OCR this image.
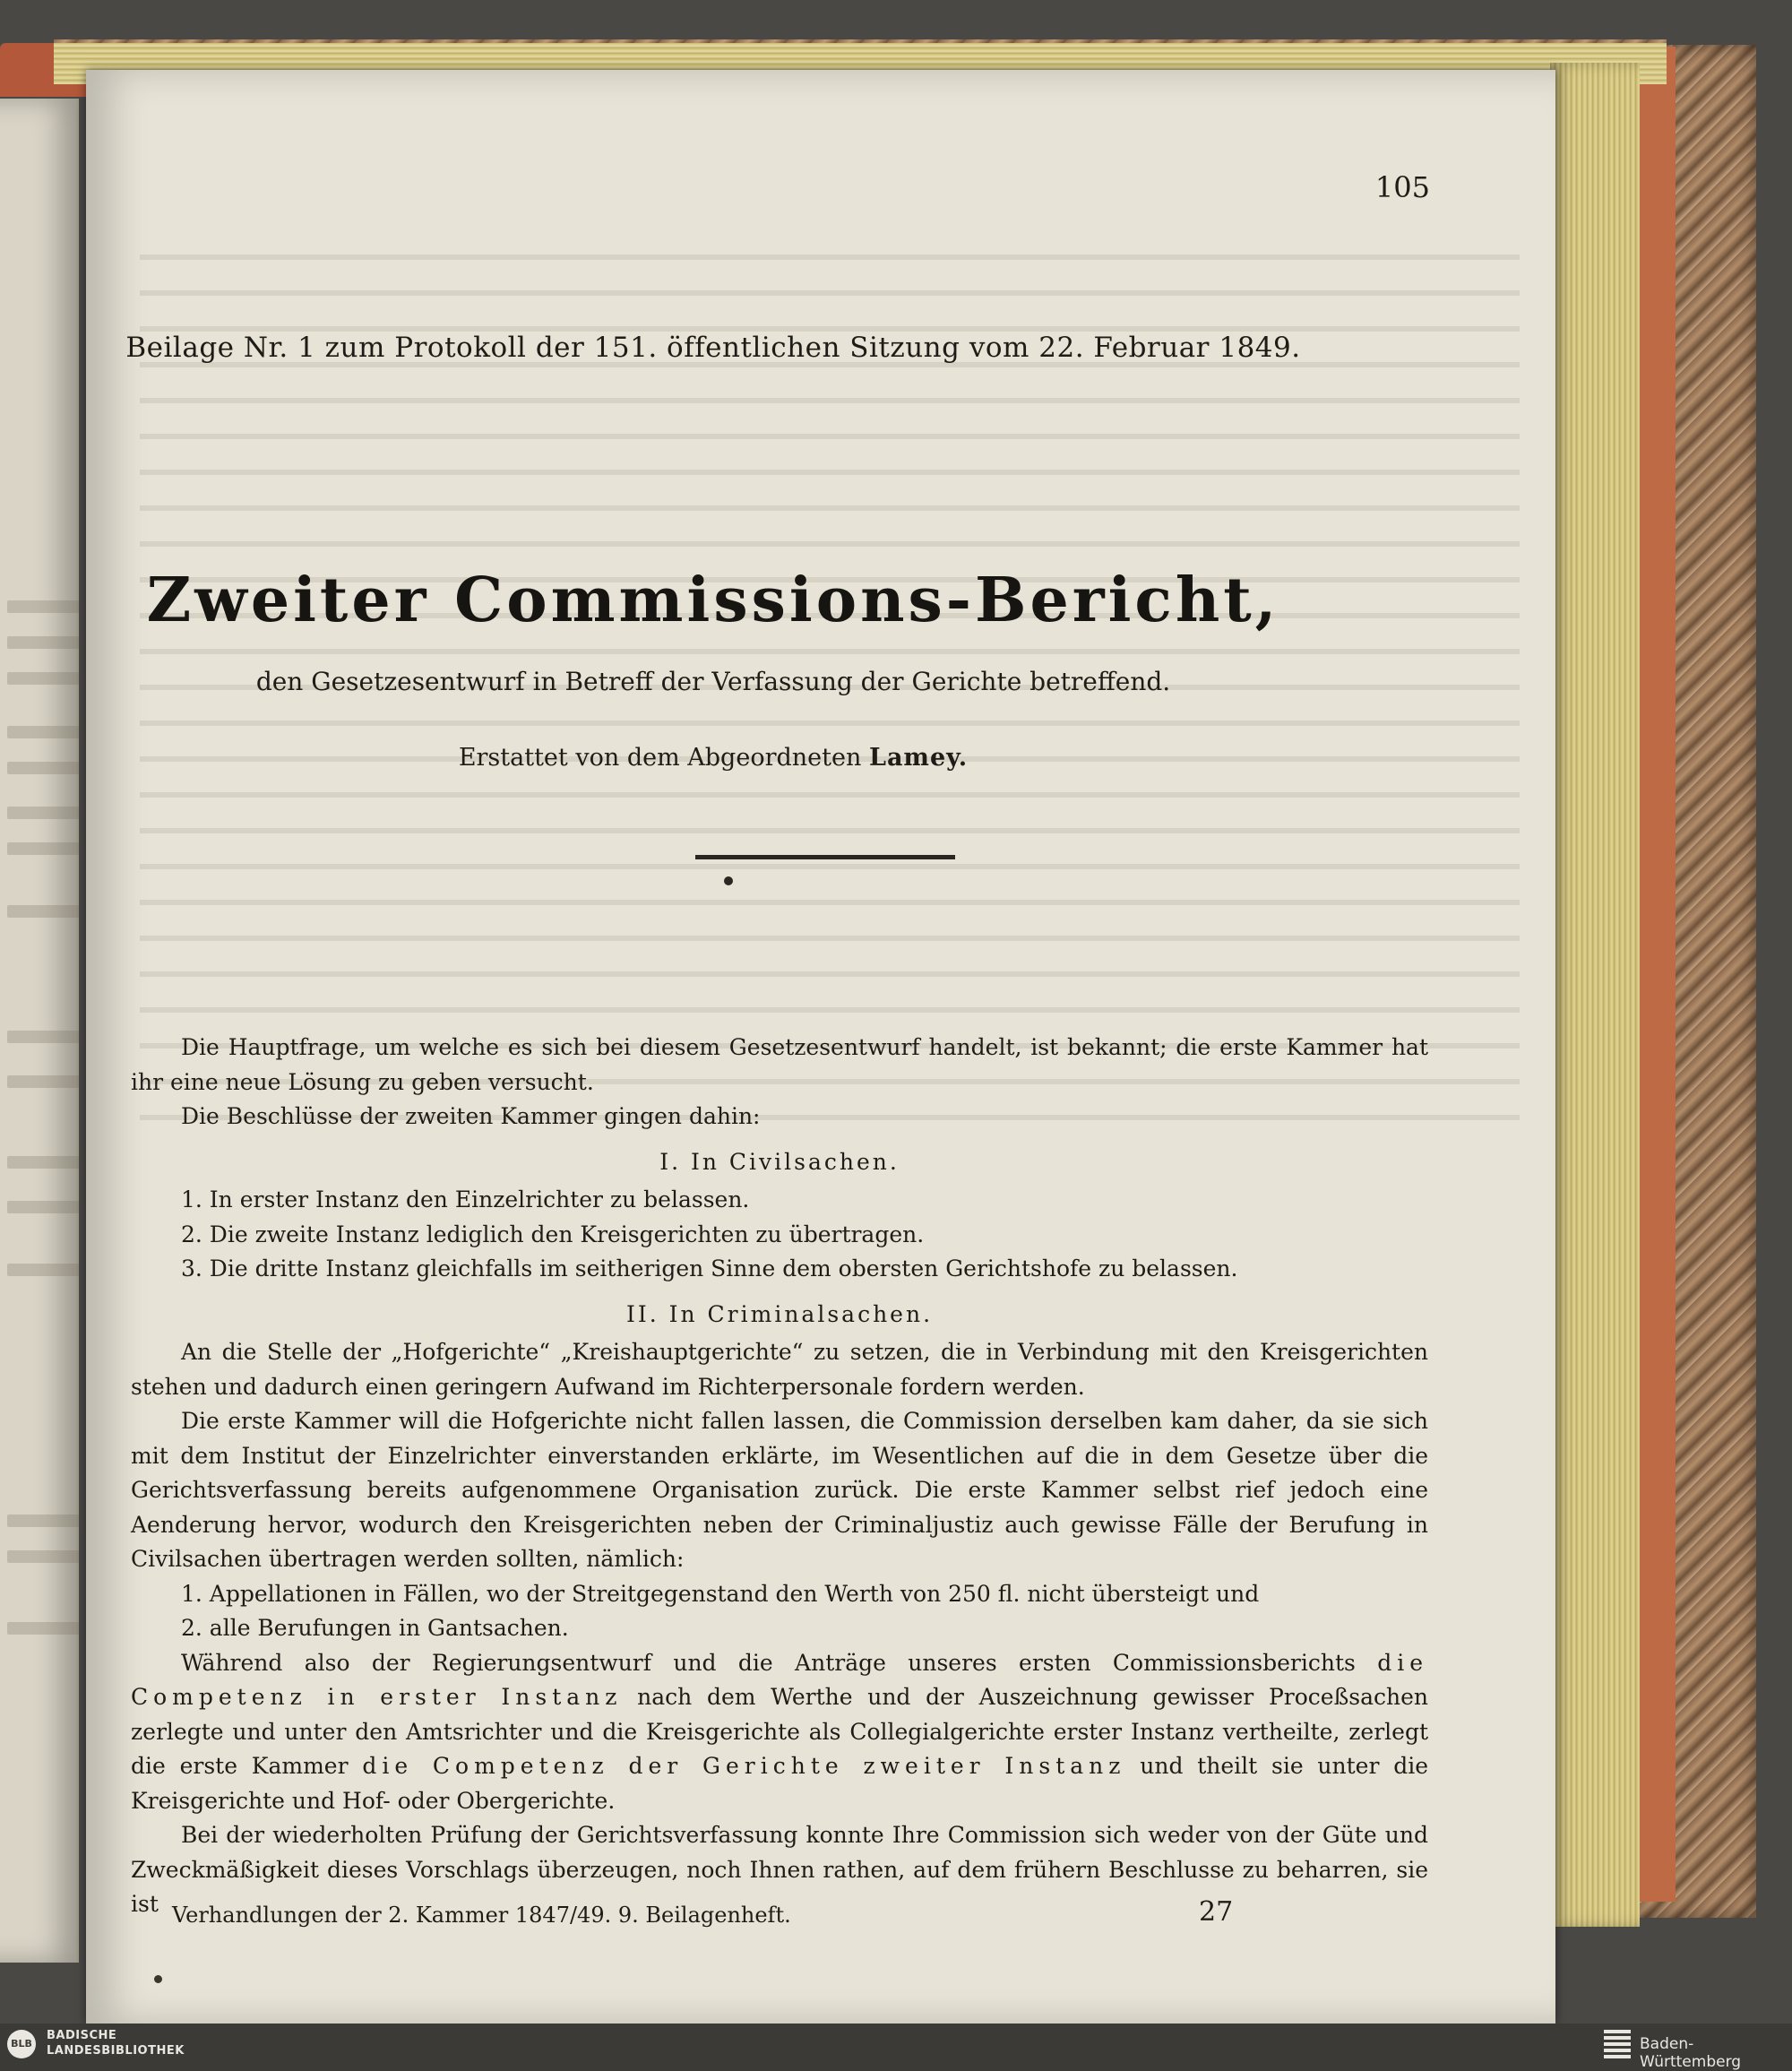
105
Beilage Nr. 1 zum Protokoll der 151. öffentlichen Sitzung vom 22. Februar 1849.
Zweiter Commissions-Bericht,
den Gesetzesentwurf in Betreff der Verfassung der Gerichte betreffend.
Erstattet von dem Abgeordneten Lamey.

Die Hauptfrage, um welche es sich bei diesem Gesetzesentwurf handelt, ist bekannt; die erste Kammer hat ihr eine neue Lösung zu geben versucht.

Die Beschlüsse der zweiten Kammer gingen dahin:

I. In Civilsachen.

1. In erster Instanz den Einzelrichter zu belassen.

2. Die zweite Instanz lediglich den Kreisgerichten zu übertragen.

3. Die dritte Instanz gleichfalls im seitherigen Sinne dem obersten Gerichtshofe zu belassen.

II. In Criminalsachen.

An die Stelle der „Hofgerichte“ „Kreishauptgerichte“ zu setzen, die in Verbindung mit den Kreisgerichten stehen und dadurch einen geringern Aufwand im Richterpersonale fordern werden.

Die erste Kammer will die Hofgerichte nicht fallen lassen, die Commission derselben kam daher, da sie sich mit dem Institut der Einzelrichter einverstanden erklärte, im Wesentlichen auf die in dem Gesetze über die Gerichtsverfassung bereits aufgenommene Organisation zurück. Die erste Kammer selbst rief jedoch eine Aenderung hervor, wodurch den Kreisgerichten neben der Criminaljustiz auch gewisse Fälle der Berufung in Civilsachen übertragen werden sollten, nämlich:

1. Appellationen in Fällen, wo der Streitgegenstand den Werth von 250 fl. nicht übersteigt und

2. alle Berufungen in Gantsachen.

Während also der Regierungsentwurf und die Anträge unseres ersten Commissionsberichts die Competenz in erster Instanz nach dem Werthe und der Auszeichnung gewisser Proceßsachen zerlegte und unter den Amtsrichter und die Kreisgerichte als Collegialgerichte erster Instanz vertheilte, zerlegt die erste Kammer die Competenz der Gerichte zweiter Instanz und theilt sie unter die Kreisgerichte und Hof- oder Obergerichte.

Bei der wiederholten Prüfung der Gerichtsverfassung konnte Ihre Commission sich weder von der Güte und Zweckmäßigkeit dieses Vorschlags überzeugen, noch Ihnen rathen, auf dem frühern Beschlusse zu beharren, sie ist Verhandlungen der 2. Kammer 1847/49. 9. Beilagenheft.	27
BLB
BADISCHE
LANDESBIBLIOTHEK	Baden-Württemberg
